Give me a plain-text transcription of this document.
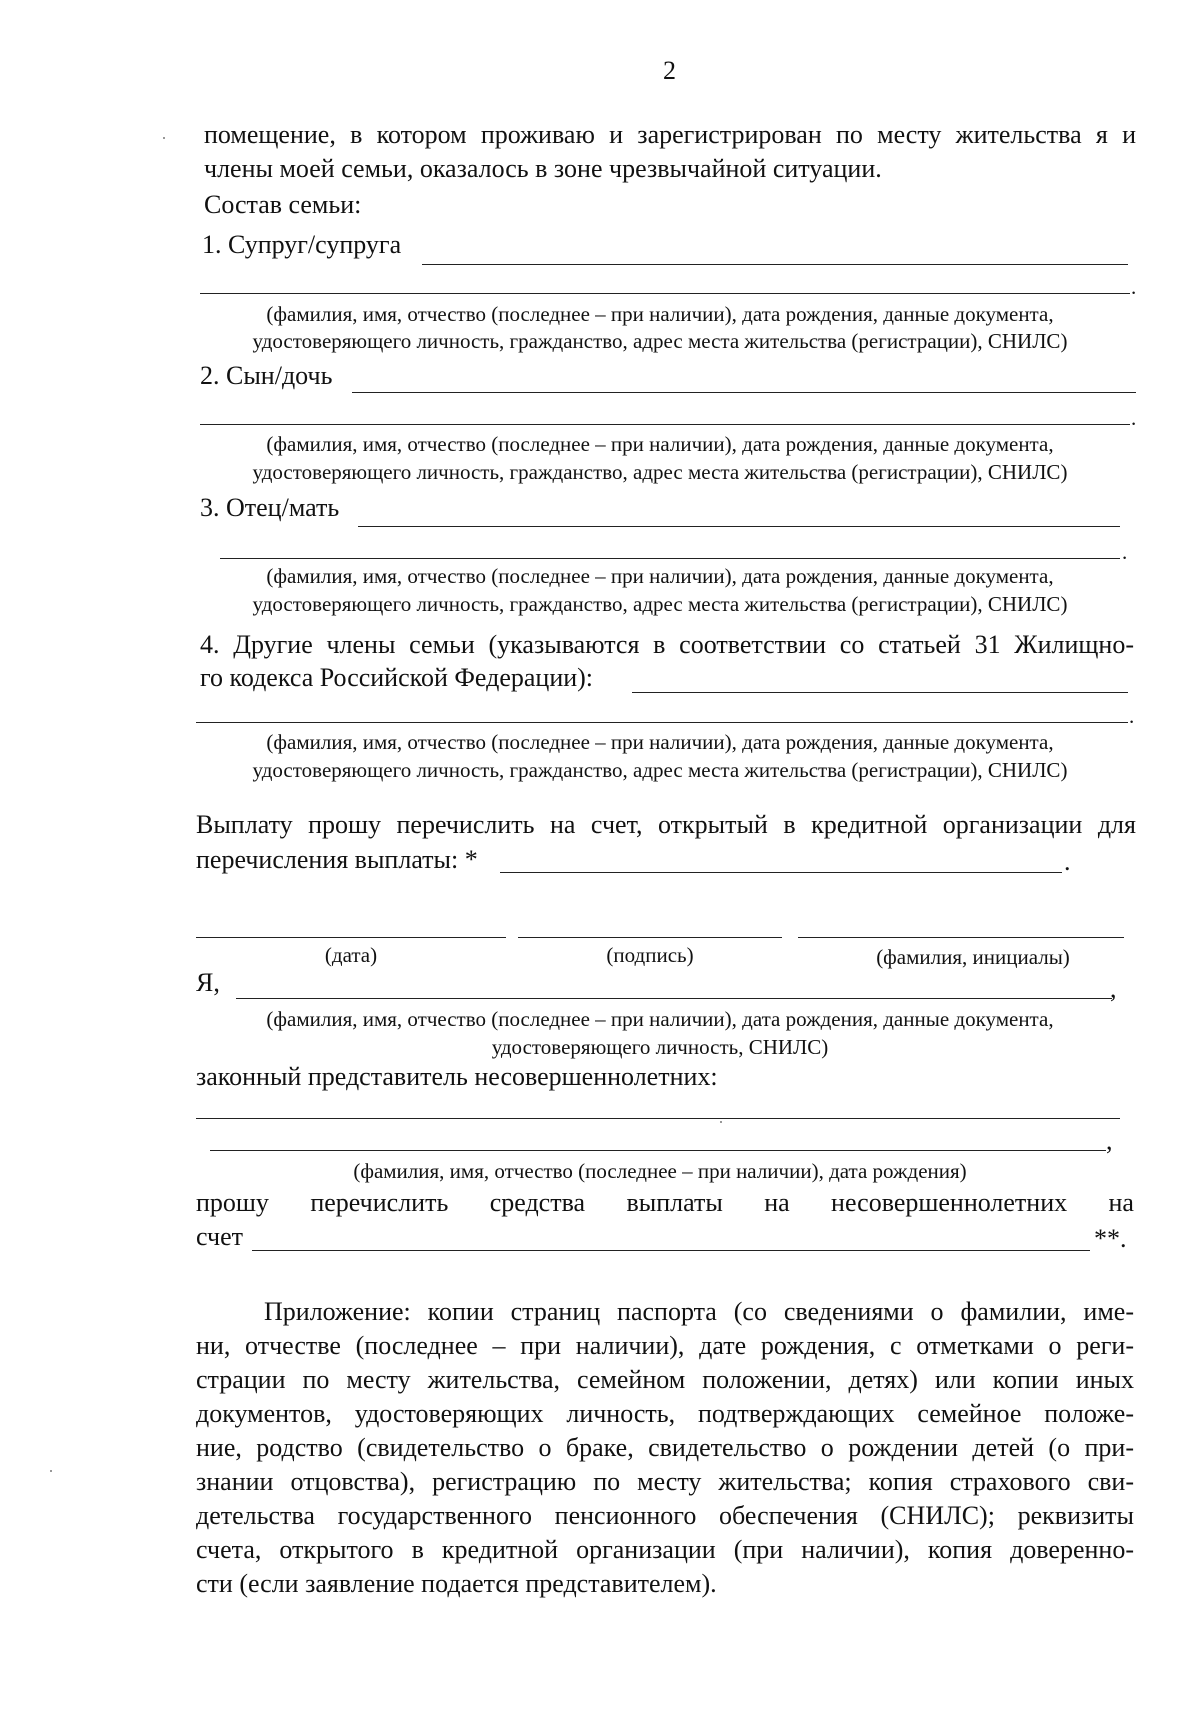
2
помещение, в котором проживаю и зарегистрирован по месту жительства я и
члены моей семьи, оказалось в зоне чрезвычайной ситуации.
Состав семьи:
1. Супруг/супруга
.
(фамилия, имя, отчество (последнее – при наличии), дата рождения, данные документа,
удостоверяющего личность, гражданство, адрес места жительства (регистрации), СНИЛС)
2. Сын/дочь
.
(фамилия, имя, отчество (последнее – при наличии), дата рождения, данные документа,
удостоверяющего личность, гражданство, адрес места жительства (регистрации), СНИЛС)
3. Отец/мать
.
(фамилия, имя, отчество (последнее – при наличии), дата рождения, данные документа,
удостоверяющего личность, гражданство, адрес места жительства (регистрации), СНИЛС)
4. Другие члены семьи (указываются в соответствии со статьей 31 Жилищно-
го кодекса Российской Федерации):
.
(фамилия, имя, отчество (последнее – при наличии), дата рождения, данные документа,
удостоверяющего личность, гражданство, адрес места жительства (регистрации), СНИЛС)
Выплату прошу перечислить на счет, открытый в кредитной организации для
перечисления выплаты: *	.
(дата)	(подпись)	(фамилия, инициалы)
Я,	,
(фамилия, имя, отчество (последнее – при наличии), дата рождения, данные документа,
удостоверяющего личность, СНИЛС)
законный представитель несовершеннолетних:
,
(фамилия, имя, отчество (последнее – при наличии), дата рождения)
прошу перечислить средства выплаты на несовершеннолетних на
счет	**.
Приложение: копии страниц паспорта (со сведениями о фамилии, име-
ни, отчестве (последнее – при наличии), дате рождения, с отметками о реги-
страции по месту жительства, семейном положении, детях) или копии иных
документов, удостоверяющих личность, подтверждающих семейное положе-
ние, родство (свидетельство о браке, свидетельство о рождении детей (о при-
знании отцовства), регистрацию по месту жительства; копия страхового сви-
детельства государственного пенсионного обеспечения (СНИЛС); реквизиты
счета, открытого в кредитной организации (при наличии), копия доверенно-
сти (если заявление подается представителем).
